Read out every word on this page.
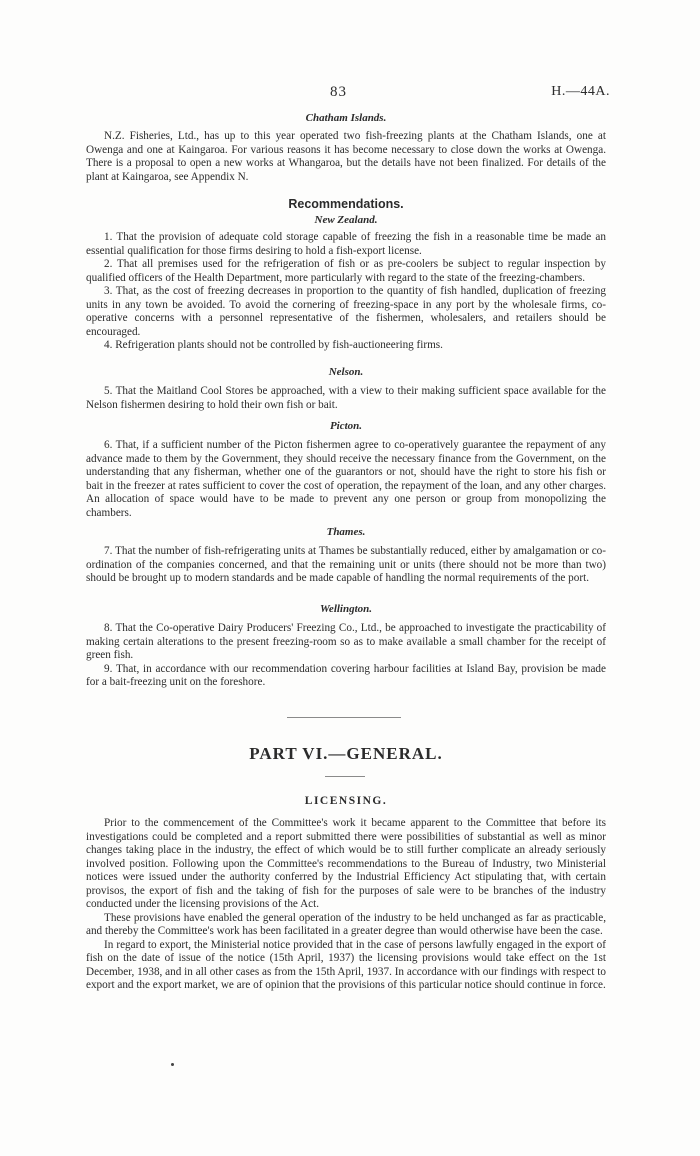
83	H.—44A.
Chatham Islands.

N.Z. Fisheries, Ltd., has up to this year operated two fish-freezing plants at the Chatham Islands, one at Owenga and one at Kaingaroa. For various reasons it has become necessary to close down the works at Owenga. There is a proposal to open a new works at Whangaroa, but the details have not been finalized. For details of the plant at Kaingaroa, see Appendix N.

Recommendations.
New Zealand.

1. That the provision of adequate cold storage capable of freezing the fish in a reasonable time be made an essential qualification for those firms desiring to hold a fish-export license.

2. That all premises used for the refrigeration of fish or as pre-coolers be subject to regular inspection by qualified officers of the Health Department, more particularly with regard to the state of the freezing-chambers.

3. That, as the cost of freezing decreases in proportion to the quantity of fish handled, duplication of freezing units in any town be avoided. To avoid the cornering of freezing-space in any port by the wholesale firms, co-operative concerns with a personnel representative of the fishermen, wholesalers, and retailers should be encouraged.

4. Refrigeration plants should not be controlled by fish-auctioneering firms.

Nelson.

5. That the Maitland Cool Stores be approached, with a view to their making sufficient space available for the Nelson fishermen desiring to hold their own fish or bait.

Picton.

6. That, if a sufficient number of the Picton fishermen agree to co-operatively guarantee the repayment of any advance made to them by the Government, they should receive the necessary finance from the Government, on the understanding that any fisherman, whether one of the guarantors or not, should have the right to store his fish or bait in the freezer at rates sufficient to cover the cost of operation, the repayment of the loan, and any other charges. An allocation of space would have to be made to prevent any one person or group from monopolizing the chambers.

Thames.

7. That the number of fish-refrigerating units at Thames be substantially reduced, either by amalgamation or co-ordination of the companies concerned, and that the remaining unit or units (there should not be more than two) should be brought up to modern standards and be made capable of handling the normal requirements of the port.

Wellington.

8. That the Co-operative Dairy Producers' Freezing Co., Ltd., be approached to investigate the practicability of making certain alterations to the present freezing-room so as to make available a small chamber for the receipt of green fish.

9. That, in accordance with our recommendation covering harbour facilities at Island Bay, provision be made for a bait-freezing unit on the foreshore.

PART VI.—GENERAL.
LICENSING.

Prior to the commencement of the Committee's work it became apparent to the Committee that before its investigations could be completed and a report submitted there were possibilities of substantial as well as minor changes taking place in the industry, the effect of which would be to still further complicate an already seriously involved position. Following upon the Committee's recommendations to the Bureau of Industry, two Ministerial notices were issued under the authority conferred by the Industrial Efficiency Act stipulating that, with certain provisos, the export of fish and the taking of fish for the purposes of sale were to be branches of the industry conducted under the licensing provisions of the Act.

These provisions have enabled the general operation of the industry to be held unchanged as far as practicable, and thereby the Committee's work has been facilitated in a greater degree than would otherwise have been the case.

In regard to export, the Ministerial notice provided that in the case of persons lawfully engaged in the export of fish on the date of issue of the notice (15th April, 1937) the licensing provisions would take effect on the 1st December, 1938, and in all other cases as from the 15th April, 1937. In accordance with our findings with respect to export and the export market, we are of opinion that the provisions of this particular notice should continue in force.
